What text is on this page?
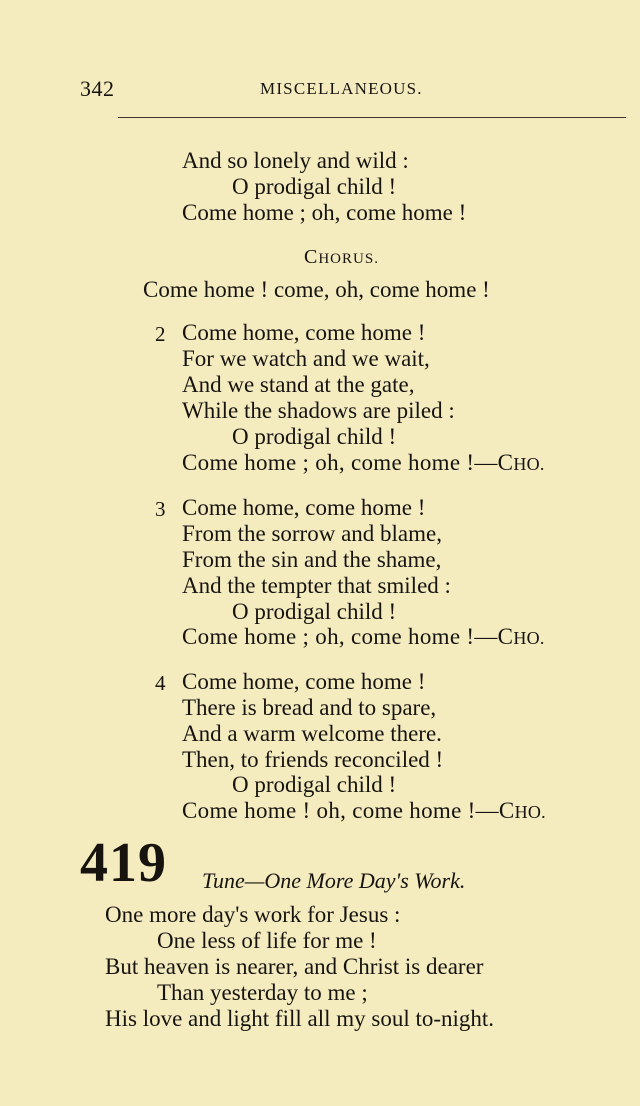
342	MISCELLANEOUS.
And so lonely and wild :
O prodigal child !
Come home ; oh, come home !
CHORUS.
Come home ! come, oh, come home !
2 Come home, come home !
For we watch and we wait,
And we stand at the gate,
While the shadows are piled :
O prodigal child !
Come home ; oh, come home !—CHO.
3 Come home, come home !
From the sorrow and blame,
From the sin and the shame,
And the tempter that smiled :
O prodigal child !
Come home ; oh, come home !—CHO.
4 Come home, come home !
There is bread and to spare,
And a warm welcome there.
Then, to friends reconciled !
O prodigal child !
Come home ! oh, come home !—CHO.
419 Tune—One More Day's Work.
One more day's work for Jesus :
One less of life for me !
But heaven is nearer, and Christ is dearer
Than yesterday to me ;
His love and light fill all my soul to-night.
